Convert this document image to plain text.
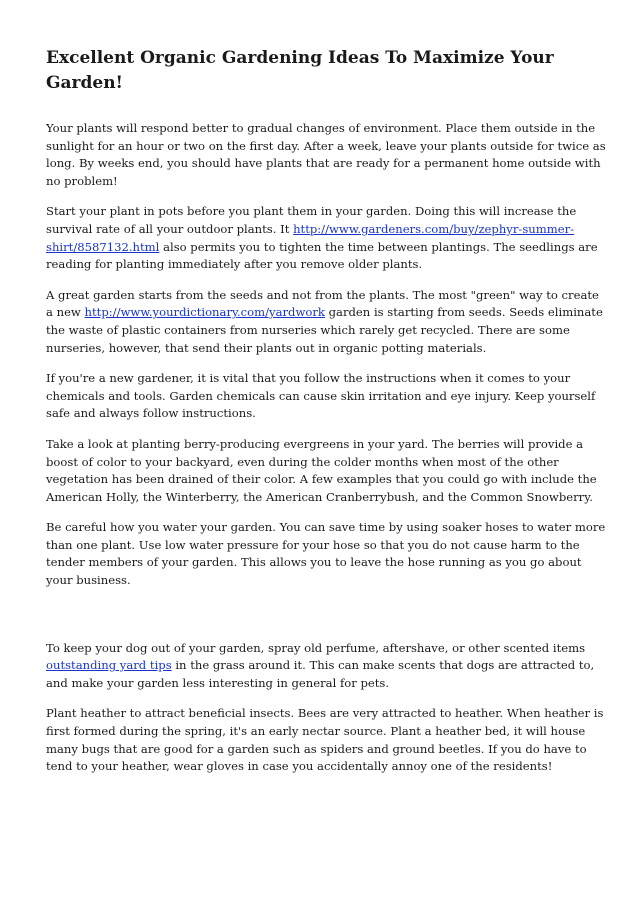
Excellent Organic Gardening Ideas To Maximize Your Garden!

Your plants will respond better to gradual changes of environment. Place them outside in the sunlight for an hour or two on the first day. After a week, leave your plants outside for twice as long. By weeks end, you should have plants that are ready for a permanent home outside with no problem!

Start your plant in pots before you plant them in your garden. Doing this will increase the survival rate of all your outdoor plants. It http://www.gardeners.com/buy/zephyr-summer-shirt/8587132.html also permits you to tighten the time between plantings. The seedlings are reading for planting immediately after you remove older plants.

A great garden starts from the seeds and not from the plants. The most "green" way to create a new http://www.yourdictionary.com/yardwork garden is starting from seeds. Seeds eliminate the waste of plastic containers from nurseries which rarely get recycled. There are some nurseries, however, that send their plants out in organic potting materials.

If you're a new gardener, it is vital that you follow the instructions when it comes to your chemicals and tools. Garden chemicals can cause skin irritation and eye injury. Keep yourself safe and always follow instructions.

Take a look at planting berry-producing evergreens in your yard. The berries will provide a boost of color to your backyard, even during the colder months when most of the other vegetation has been drained of their color. A few examples that you could go with include the American Holly, the Winterberry, the American Cranberrybush, and the Common Snowberry.

Be careful how you water your garden. You can save time by using soaker hoses to water more than one plant. Use low water pressure for your hose so that you do not cause harm to the tender members of your garden. This allows you to leave the hose running as you go about your business.

To keep your dog out of your garden, spray old perfume, aftershave, or other scented items outstanding yard tips in the grass around it. This can make scents that dogs are attracted to, and make your garden less interesting in general for pets.

Plant heather to attract beneficial insects. Bees are very attracted to heather. When heather is first formed during the spring, it's an early nectar source. Plant a heather bed, it will house many bugs that are good for a garden such as spiders and ground beetles. If you do have to tend to your heather, wear gloves in case you accidentally annoy one of the residents!
